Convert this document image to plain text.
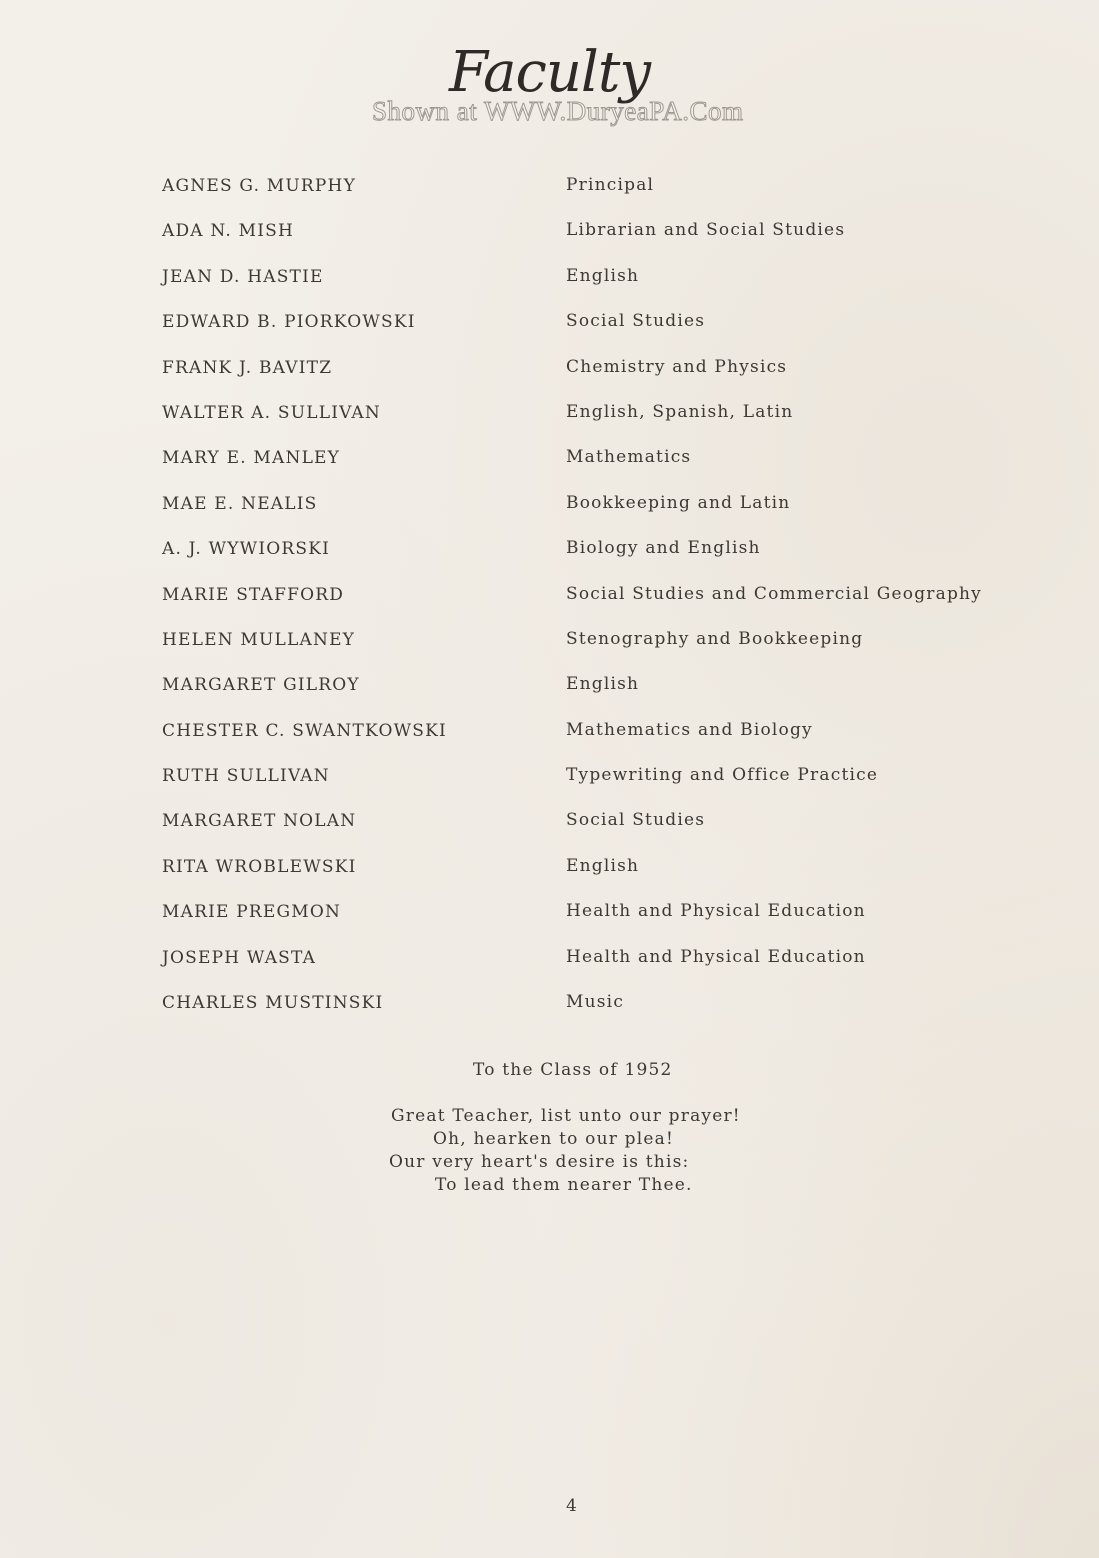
Faculty
Shown at WWW.DuryeaPA.Com
AGNES G. MURPHY	Principal
ADA N. MISH	Librarian and Social Studies
JEAN D. HASTIE	English
EDWARD B. PIORKOWSKI	Social Studies
FRANK J. BAVITZ	Chemistry and Physics
WALTER A. SULLIVAN	English, Spanish, Latin
MARY E. MANLEY	Mathematics
MAE E. NEALIS	Bookkeeping and Latin
A. J. WYWIORSKI	Biology and English
MARIE STAFFORD	Social Studies and Commercial Geography
HELEN MULLANEY	Stenography and Bookkeeping
MARGARET GILROY	English
CHESTER C. SWANTKOWSKI	Mathematics and Biology
RUTH SULLIVAN	Typewriting and Office Practice
MARGARET NOLAN	Social Studies
RITA WROBLEWSKI	English
MARIE PREGMON	Health and Physical Education
JOSEPH WASTA	Health and Physical Education
CHARLES MUSTINSKI	Music
To the Class of 1952
Great Teacher, list unto our prayer!
Oh, hearken to our plea!
Our very heart's desire is this:
To lead them nearer Thee.
4
